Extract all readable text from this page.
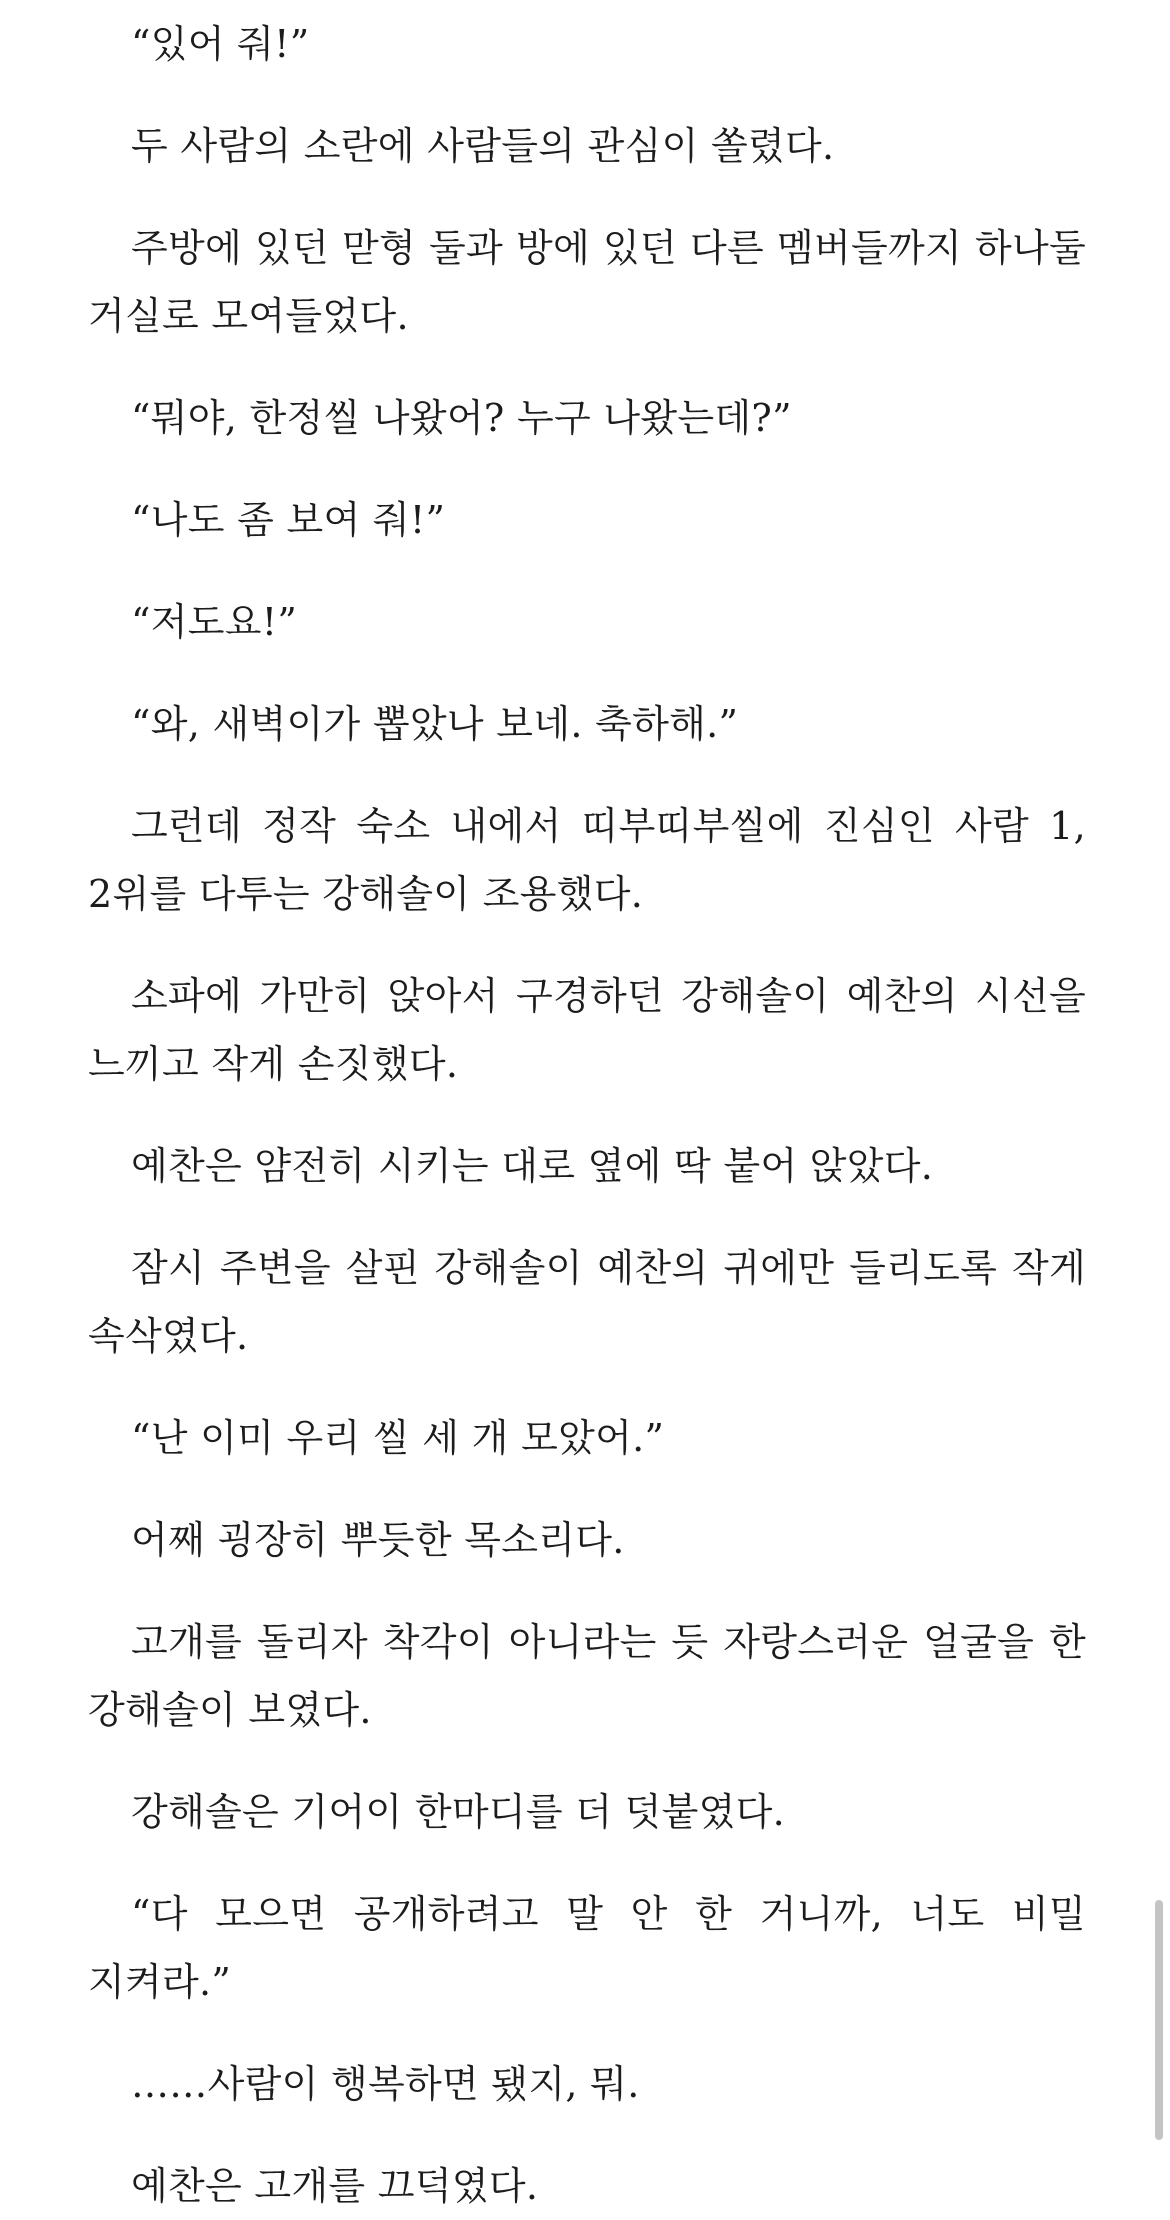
“있어 줘!”

두 사람의 소란에 사람들의 관심이 쏠렸다.

주방에 있던 맏형 둘과 방에 있던 다른 멤버들까지 하나둘 거실로 모여들었다.

“뭐야, 한정씰 나왔어? 누구 나왔는데?”

“나도 좀 보여 줘!”

“저도요!”

“와, 새벽이가 뽑았나 보네. 축하해.”

그런데 정작 숙소 내에서 띠부띠부씰에 진심인 사람 1, 2위를 다투는 강해솔이 조용했다.

소파에 가만히 앉아서 구경하던 강해솔이 예찬의 시선을 느끼고 작게 손짓했다.

예찬은 얌전히 시키는 대로 옆에 딱 붙어 앉았다.

잠시 주변을 살핀 강해솔이 예찬의 귀에만 들리도록 작게 속삭였다.

“난 이미 우리 씰 세 개 모았어.”

어째 굉장히 뿌듯한 목소리다.

고개를 돌리자 착각이 아니라는 듯 자랑스러운 얼굴을 한 강해솔이 보였다.

강해솔은 기어이 한마디를 더 덧붙였다.

“다 모으면 공개하려고 말 안 한 거니까, 너도 비밀 지켜라.”

……사람이 행복하면 됐지, 뭐.

예찬은 고개를 끄덕였다.
